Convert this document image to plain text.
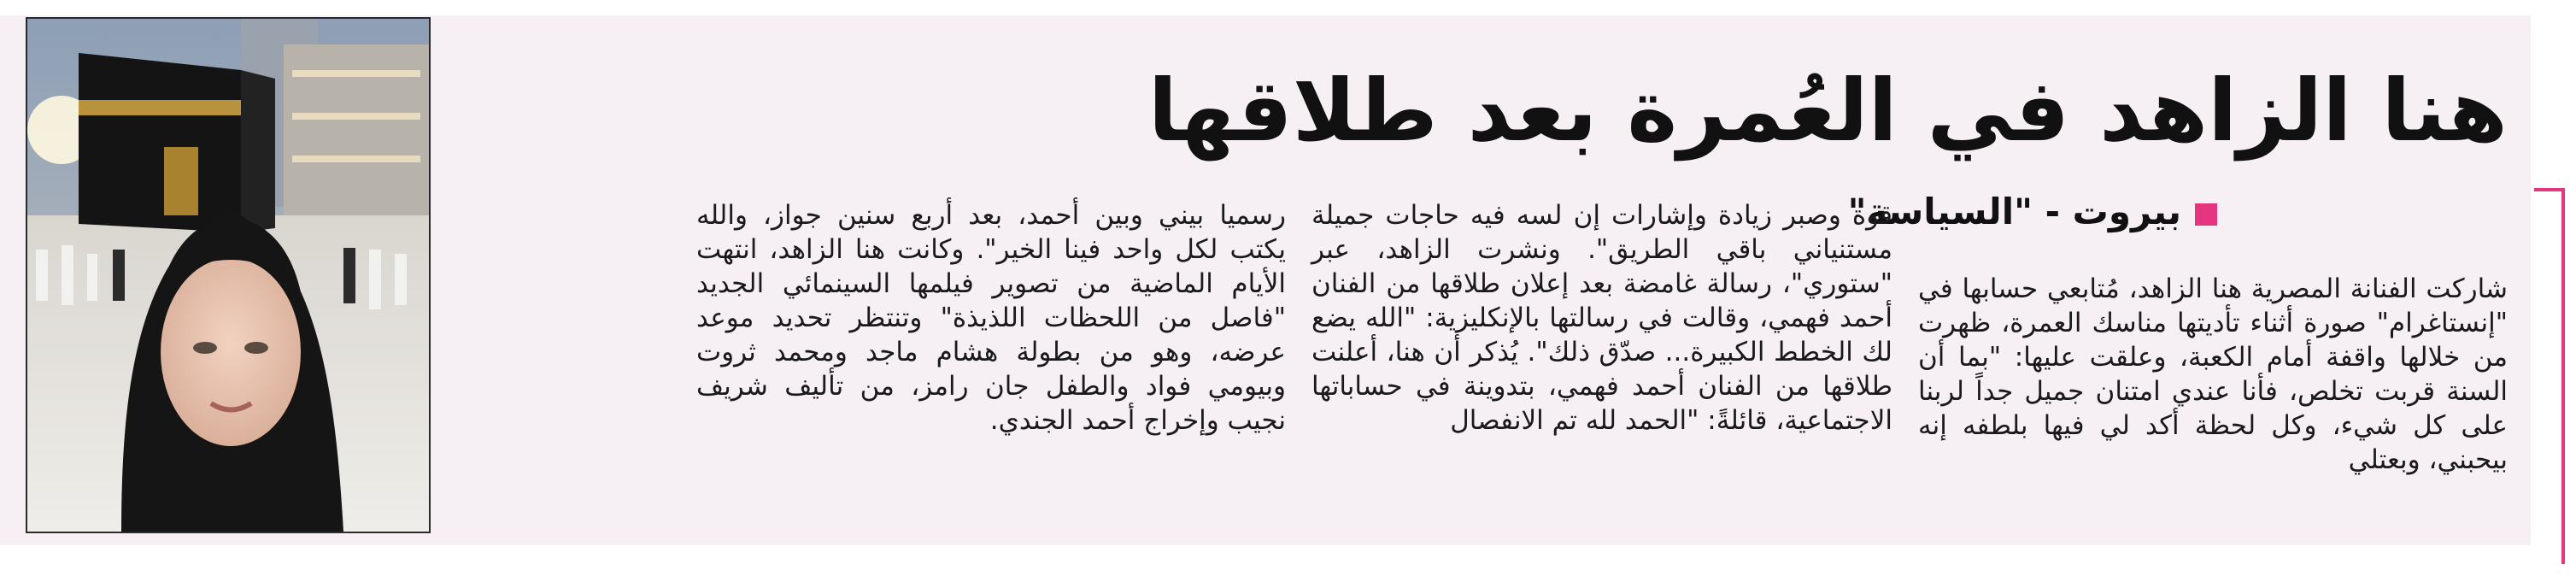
هنا الزاهد في العُمرة بعد طلاقها
بيروت - "السياسة"

شاركت الفنانة المصرية هنا الزاهد، مُتابعي حسابها في "إنستاغرام" صورة أثناء تأديتها مناسك العمرة، ظهرت من خلالها واقفة أمام الكعبة، وعلقت عليها: "بما أن السنة قربت تخلص، فأنا عندي امتنان جميل جداً لربنا على كل شيء، وكل لحظة أكد لي فيها بلطفه إنه بيحبني، وبعتلي

قوة وصبر زيادة وإشارات إن لسه فيه حاجات جميلة مستنياني باقي الطريق". ونشرت الزاهد، عبر "ستوري"، رسالة غامضة بعد إعلان طلاقها من الفنان أحمد فهمي، وقالت في رسالتها بالإنكليزية: "الله يضع لك الخطط الكبيرة... صدّق ذلك". يُذكر أن هنا، أعلنت طلاقها من الفنان أحمد فهمي، بتدوينة في حساباتها الاجتماعية، قائلةً: "الحمد لله تم الانفصال

رسميا بيني وبين أحمد، بعد أربع سنين جواز، والله يكتب لكل واحد فينا الخير". وكانت هنا الزاهد، انتهت الأيام الماضية من تصوير فيلمها السينمائي الجديد "فاصل من اللحظات اللذيذة" وتنتظر تحديد موعد عرضه، وهو من بطولة هشام ماجد ومحمد ثروت وبيومي فواد والطفل جان رامز، من تأليف شريف نجيب وإخراج أحمد الجندي.
